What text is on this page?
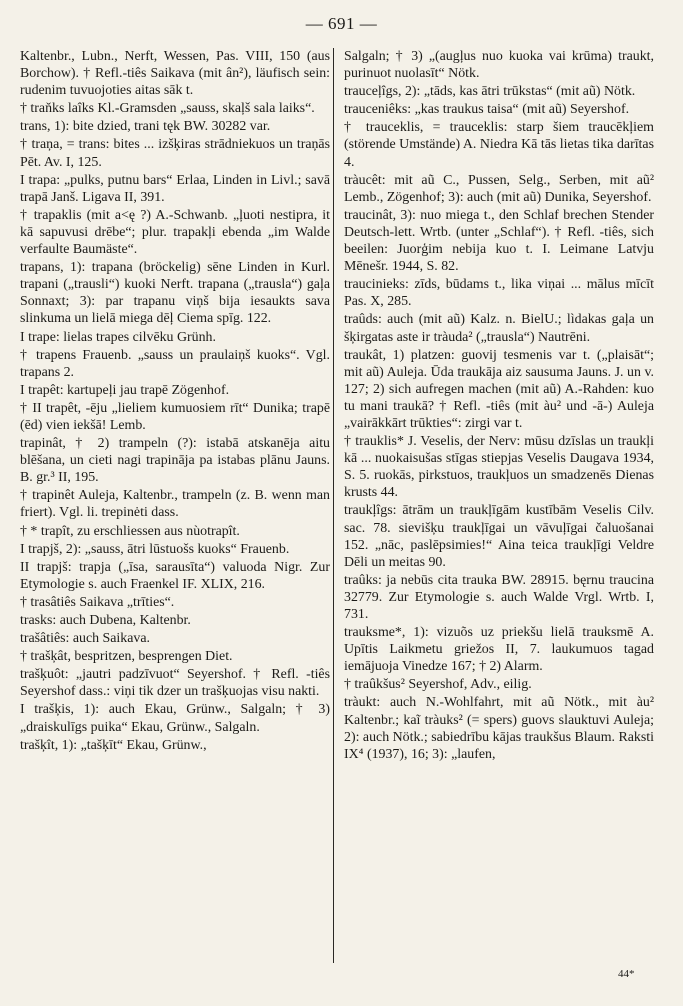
— 691 —

Kaltenbr., Lubn., Nerft, Wessen, Pas. VIII, 150 (aus Borchow). † Refl.-tiês Saikava (mit ân²), läufisch sein: rudenim tuvuojoties aitas sāk t.

† traňks laîks Kl.-Gramsden „sauss, skaļš sala laiks“.

trans, 1): bite dzied, trani tęk BW. 30282 var.

† traņa, = trans: bites ... izšķiras strādniekuos un traņās Pēt. Av. I, 125.

I trapa: „pulks, putnu bars“ Erlaa, Linden in Livl.; savā trapā Janš. Ligava II, 391.

† trapaklis (mit a<ę ?) A.-Schwanb. „ļuoti nestipra, it kā sapuvusi drēbe“; plur. trapakļi ebenda „im Walde verfaulte Baumäste“.

trapans, 1): trapana (bröckelig) sēne Linden in Kurl. trapani („trausli“) kuoki Nerft. trapana („trausla“) gaļa Sonnaxt; 3): par trapanu viņš bija iesaukts sava slinkuma un lielā miega dēļ Ciema spīg. 122.

I trape: lielas trapes cilvēku Grünh.

† trapens Frauenb. „sauss un praulaiņš kuoks“. Vgl. trapans 2.

I trapêt: kartupeļi jau trapē Zögenhof.

† II trapêt, -ēju „lieliem kumuosiem rīt“ Dunika; trapē (ēd) vien iekšā! Lemb.

trapinât, † 2) trampeln (?): istabā atskanēja aitu blēšana, un cieti nagi trapināja pa istabas plānu Jauns. B. gr.³ II, 195.

† trapinêt Auleja, Kaltenbr., trampeln (z. B. wenn man friert). Vgl. li. trepinėti dass.

† * trapît, zu erschliessen aus nùotrapît.

I trapjš, 2): „sauss, ātri lūstuošs kuoks“ Frauenb.

II trapjš: trapja („īsa, sarausīta“) valuoda Nigr. Zur Etymologie s. auch Fraenkel IF. XLIX, 216.

† trasâtiês Saikava „trīties“.

trasks: auch Dubena, Kaltenbr.

trašâtiês: auch Saikava.

† trašķât, bespritzen, besprengen Diet.

trašķuôt: „jautri padzīvuot“ Seyershof. † Refl. -tiês Seyershof dass.: viņi tik dzer un trašķuojas visu nakti.

I trašķis, 1): auch Ekau, Grünw., Salgaln; † 3) „draiskulīgs puika“ Ekau, Grünw., Salgaln.

trašķît, 1): „tašķīt“ Ekau, Grünw.,

Salgaln; † 3) „(augļus nuo kuoka vai krūma) traukt, purinuot nuolasīt“ Nötk.

trauceļîgs, 2): „tāds, kas ātri trūkstas“ (mit aũ) Nötk.

trauceniêks: „kas traukus taisa“ (mit aũ) Seyershof.

† trauceklis, = trauceklis: starp šiem traucēkļiem (störende Umstände) A. Niedra Kā tās lietas tika darītas 4.

tràucêt: mit aũ C., Pussen, Selg., Serben, mit aũ² Lemb., Zögenhof; 3): auch (mit aũ) Dunika, Seyershof.

traucinât, 3): nuo miega t., den Schlaf brechen Stender Deutsch-lett. Wrtb. (unter „Schlaf“). † Refl. -tiês, sich beeilen: Juorģim nebija kuo t. I. Leimane Latvju Mēnešr. 1944, S. 82.

traucinieks: zīds, būdams t., lika viņai ... mālus mīcīt Pas. X, 285.

traûds: auch (mit aũ) Kalz. n. BielU.; lìdakas gaļa un šķirgatas aste ir tràuda² („trausla“) Nautrēni.

traukât, 1) platzen: guovij tesmenis var t. („plaisāt“; mit aũ) Auleja. Ūda traukāja aiz sausuma Jauns. J. un v. 127; 2) sich aufregen machen (mit aũ) A.-Rahden: kuo tu mani traukā? † Refl. -tiês (mit àu² und -ā-) Auleja „vairākkārt trūkties“: zirgi var t.

† trauklis* J. Veselis, der Nerv: mūsu dzīslas un traukļi kā ... nuokaisušas stīgas stiepjas Veselis Daugava 1934, S. 5. ruokās, pirkstuos, traukļuos un smadzenēs Dienas krusts 44.

traukļîgs: ātrām un traukļīgām kustībām Veselis Cilv. sac. 78. sievišķu traukļīgai un vāvuļīgai čaluošanai 152. „nāc, paslēpsimies!“ Aina teica traukļīgi Veldre Dēli un meitas 90.

traûks: ja nebūs cita trauka BW. 28915. bęrnu traucina 32779. Zur Etymologie s. auch Walde Vrgl. Wrtb. I, 731.

trauksme*, 1): vizuõs uz priekšu lielā trauksmē A. Upītis Laikmetu griežos II, 7. laukumuos tagad iemājuoja Vinedze 167; † 2) Alarm.

† traûkšus² Seyershof, Adv., eilig.

tràukt: auch N.-Wohlfahrt, mit aũ Nötk., mit àu² Kaltenbr.; kaĩ tràuks² (= spers) guovs slauktuvi Auleja; 2): auch Nötk.; sabiedrību kājas traukšus Blaum. Raksti IX⁴ (1937), 16; 3): „laufen,

44*
